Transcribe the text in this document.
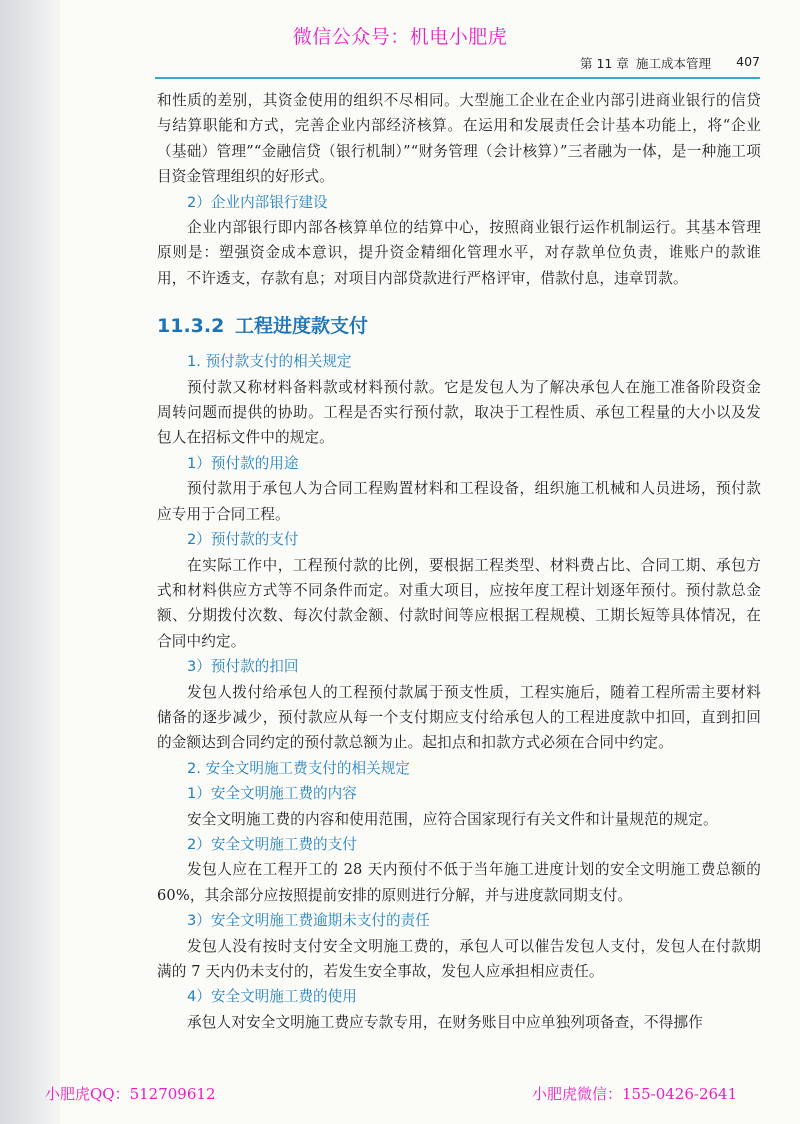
微信公众号：机电小肥虎
第 11 章 施工成本管理 407

和性质的差别，其资金使用的组织不尽相同。大型施工企业在企业内部引进商业银行的信贷与结算职能和方式，完善企业内部经济核算。在运用和发展责任会计基本功能上，将“企业（基础）管理”“金融信贷（银行机制）”“财务管理（会计核算）”三者融为一体，是一种施工项目资金管理组织的好形式。

2）企业内部银行建设

企业内部银行即内部各核算单位的结算中心，按照商业银行运作机制运行。其基本管理原则是：塑强资金成本意识，提升资金精细化管理水平，对存款单位负责，谁账户的款谁用，不许透支，存款有息；对项目内部贷款进行严格评审，借款付息，违章罚款。

11.3.2 工程进度款支付

1. 预付款支付的相关规定

预付款又称材料备料款或材料预付款。它是发包人为了解决承包人在施工准备阶段资金周转问题而提供的协助。工程是否实行预付款，取决于工程性质、承包工程量的大小以及发包人在招标文件中的规定。

1）预付款的用途

预付款用于承包人为合同工程购置材料和工程设备，组织施工机械和人员进场，预付款应专用于合同工程。

2）预付款的支付

在实际工作中，工程预付款的比例，要根据工程类型、材料费占比、合同工期、承包方式和材料供应方式等不同条件而定。对重大项目，应按年度工程计划逐年预付。预付款总金额、分期拨付次数、每次付款金额、付款时间等应根据工程规模、工期长短等具体情况，在合同中约定。

3）预付款的扣回

发包人拨付给承包人的工程预付款属于预支性质，工程实施后，随着工程所需主要材料储备的逐步减少，预付款应从每一个支付期应支付给承包人的工程进度款中扣回，直到扣回的金额达到合同约定的预付款总额为止。起扣点和扣款方式必须在合同中约定。

2. 安全文明施工费支付的相关规定

1）安全文明施工费的内容

安全文明施工费的内容和使用范围，应符合国家现行有关文件和计量规范的规定。

2）安全文明施工费的支付

发包人应在工程开工的 28 天内预付不低于当年施工进度计划的安全文明施工费总额的 60%，其余部分应按照提前安排的原则进行分解，并与进度款同期支付。

3）安全文明施工费逾期未支付的责任

发包人没有按时支付安全文明施工费的，承包人可以催告发包人支付，发包人在付款期满的 7 天内仍未支付的，若发生安全事故，发包人应承担相应责任。

4）安全文明施工费的使用

承包人对安全文明施工费应专款专用，在财务账目中应单独列项备查，不得挪作

小肥虎QQ：512709612	小肥虎微信：155-0426-2641
